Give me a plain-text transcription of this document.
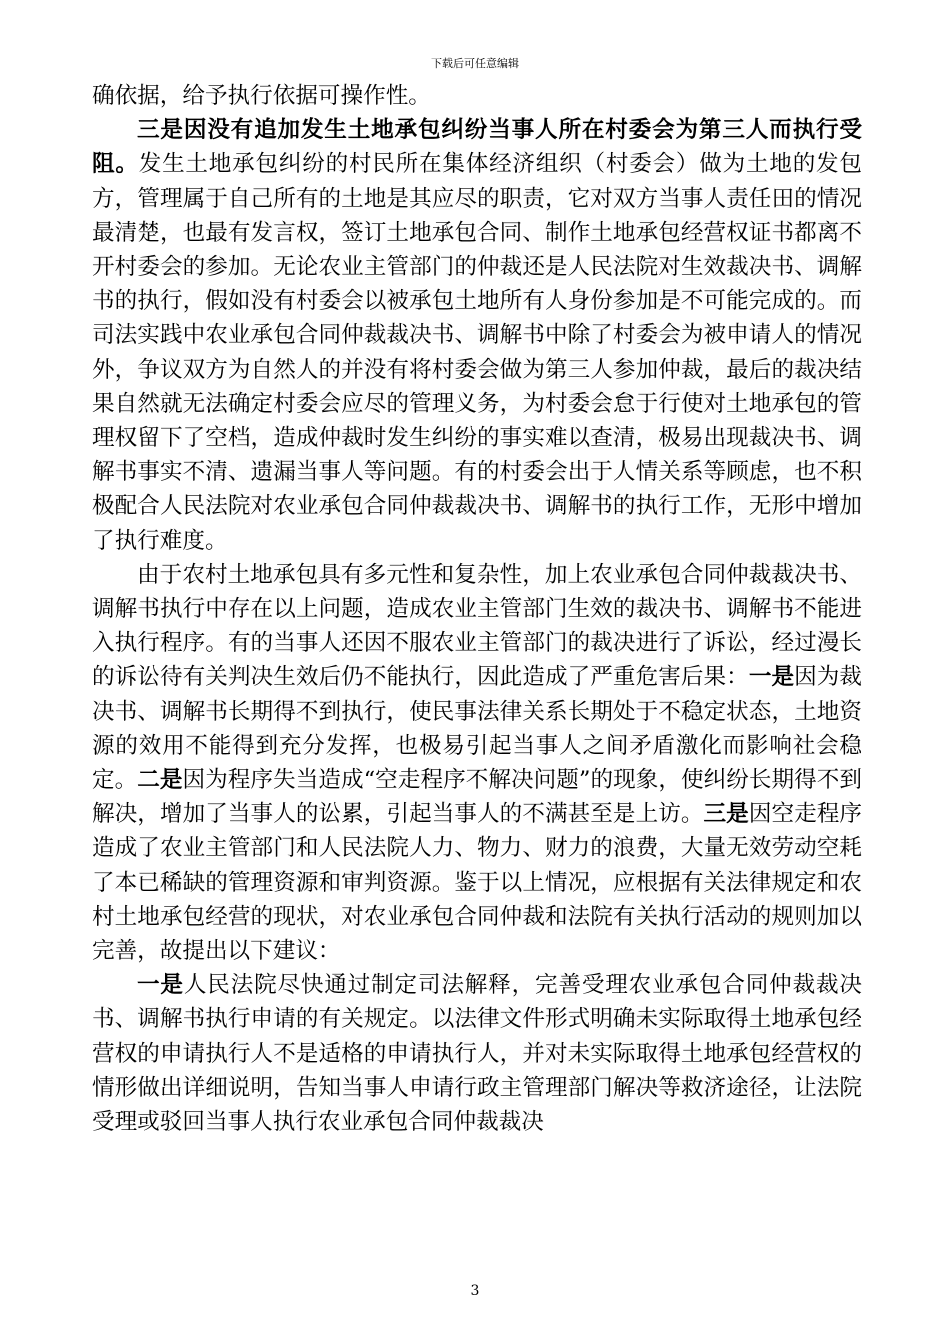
下载后可任意编辑

确依据，给予执行依据可操作性。

三是因没有追加发生土地承包纠纷当事人所在村委会为第三人而执行受阻。发生土地承包纠纷的村民所在集体经济组织（村委会）做为土地的发包方，管理属于自己所有的土地是其应尽的职责，它对双方当事人责任田的情况最清楚，也最有发言权，签订土地承包合同、制作土地承包经营权证书都离不开村委会的参加。无论农业主管部门的仲裁还是人民法院对生效裁决书、调解书的执行，假如没有村委会以被承包土地所有人身份参加是不可能完成的。而司法实践中农业承包合同仲裁裁决书、调解书中除了村委会为被申请人的情况外，争议双方为自然人的并没有将村委会做为第三人参加仲裁，最后的裁决结果自然就无法确定村委会应尽的管理义务，为村委会怠于行使对土地承包的管理权留下了空档，造成仲裁时发生纠纷的事实难以查清，极易出现裁决书、调解书事实不清、遗漏当事人等问题。有的村委会出于人情关系等顾虑，也不积极配合人民法院对农业承包合同仲裁裁决书、调解书的执行工作，无形中增加了执行难度。

由于农村土地承包具有多元性和复杂性，加上农业承包合同仲裁裁决书、调解书执行中存在以上问题，造成农业主管部门生效的裁决书、调解书不能进入执行程序。有的当事人还因不服农业主管部门的裁决进行了诉讼，经过漫长的诉讼待有关判决生效后仍不能执行，因此造成了严重危害后果：一是因为裁决书、调解书长期得不到执行，使民事法律关系长期处于不稳定状态，土地资源的效用不能得到充分发挥，也极易引起当事人之间矛盾激化而影响社会稳定。二是因为程序失当造成“空走程序不解决问题”的现象，使纠纷长期得不到解决，增加了当事人的讼累，引起当事人的不满甚至是上访。三是因空走程序造成了农业主管部门和人民法院人力、物力、财力的浪费，大量无效劳动空耗了本已稀缺的管理资源和审判资源。鉴于以上情况，应根据有关法律规定和农村土地承包经营的现状，对农业承包合同仲裁和法院有关执行活动的规则加以完善，故提出以下建议：

一是人民法院尽快通过制定司法解释，完善受理农业承包合同仲裁裁决书、调解书执行申请的有关规定。以法律文件形式明确未实际取得土地承包经营权的申请执行人不是适格的申请执行人，并对未实际取得土地承包经营权的情形做出详细说明，告知当事人申请行政主管理部门解决等救济途径，让法院受理或驳回当事人执行农业承包合同仲裁裁决

3
